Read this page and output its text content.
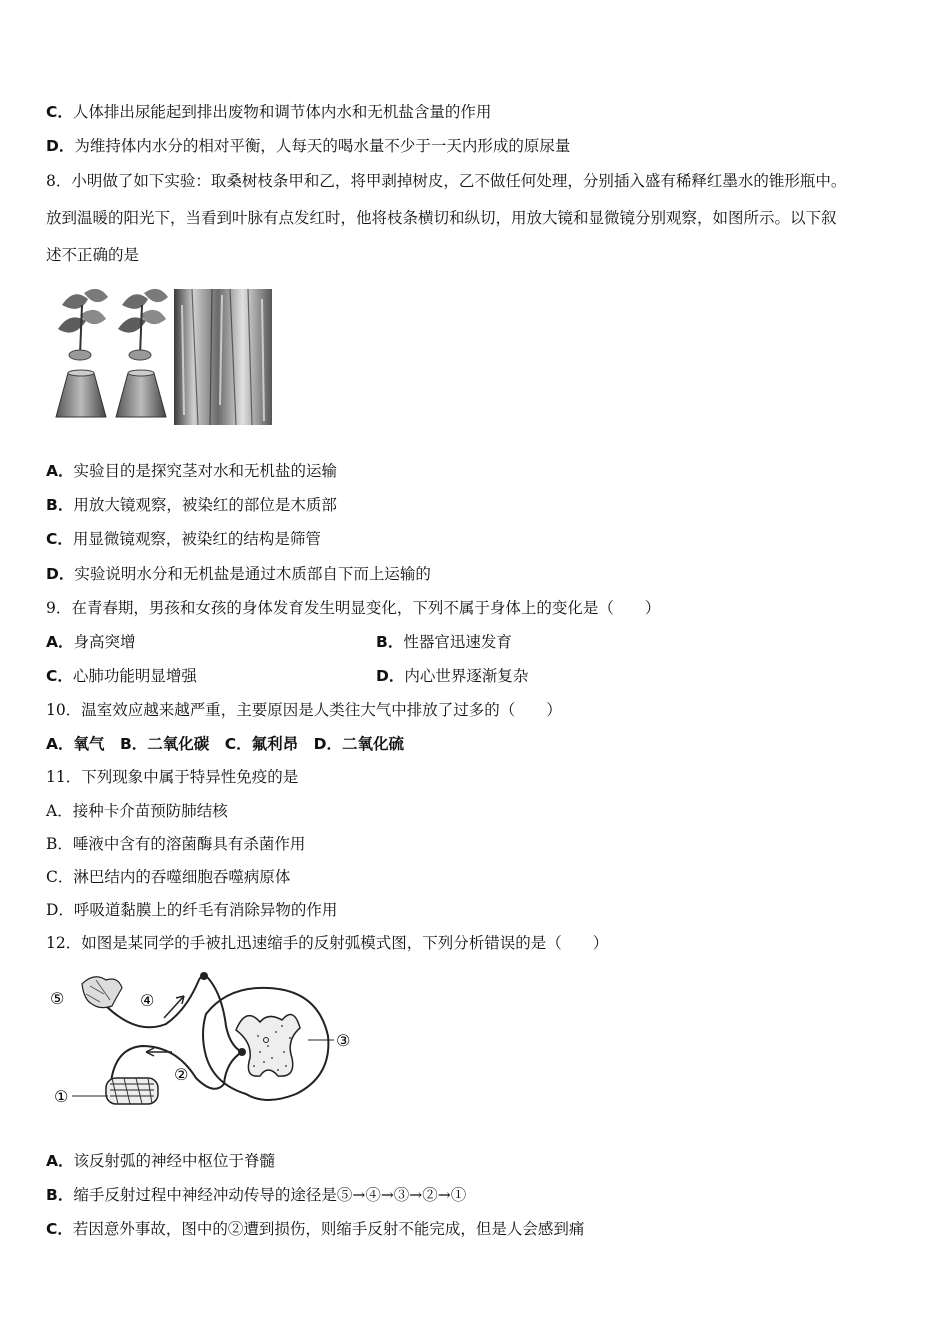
C．人体排出尿能起到排出废物和调节体内水和无机盐含量的作用
D．为维持体内水分的相对平衡，人每天的喝水量不少于一天内形成的原尿量
8．小明做了如下实验：取桑树枝条甲和乙，将甲剥掉树皮，乙不做任何处理，分别插入盛有稀释红墨水的锥形瓶中。
放到温暖的阳光下，当看到叶脉有点发红时，他将枝条横切和纵切，用放大镜和显微镜分别观察，如图所示。以下叙
述不正确的是
A．实验目的是探究茎对水和无机盐的运输
B．用放大镜观察，被染红的部位是木质部
C．用显微镜观察，被染红的结构是筛管
D．实验说明水分和无机盐是通过木质部自下而上运输的
9．在青春期，男孩和女孩的身体发育发生明显变化，下列不属于身体上的变化是（　　）
A．身高突增	B．性器官迅速发育
C．心肺功能明显增强	D．内心世界逐渐复杂
10．温室效应越来越严重，主要原因是人类往大气中排放了过多的（　　）
A．氧气　B．二氧化碳　C．氟利昂　D．二氧化硫
11．下列现象中属于特异性免疫的是
A．接种卡介苗预防肺结核
B．唾液中含有的溶菌酶具有杀菌作用
C．淋巴结内的吞噬细胞吞噬病原体
D．呼吸道黏膜上的纤毛有消除异物的作用
12．如图是某同学的手被扎迅速缩手的反射弧模式图，下列分析错误的是（　　）
⑤	④
③
②
①
A．该反射弧的神经中枢位于脊髓
B．缩手反射过程中神经冲动传导的途径是⑤→④→③→②→①
C．若因意外事故，图中的②遭到损伤，则缩手反射不能完成，但是人会感到痛
